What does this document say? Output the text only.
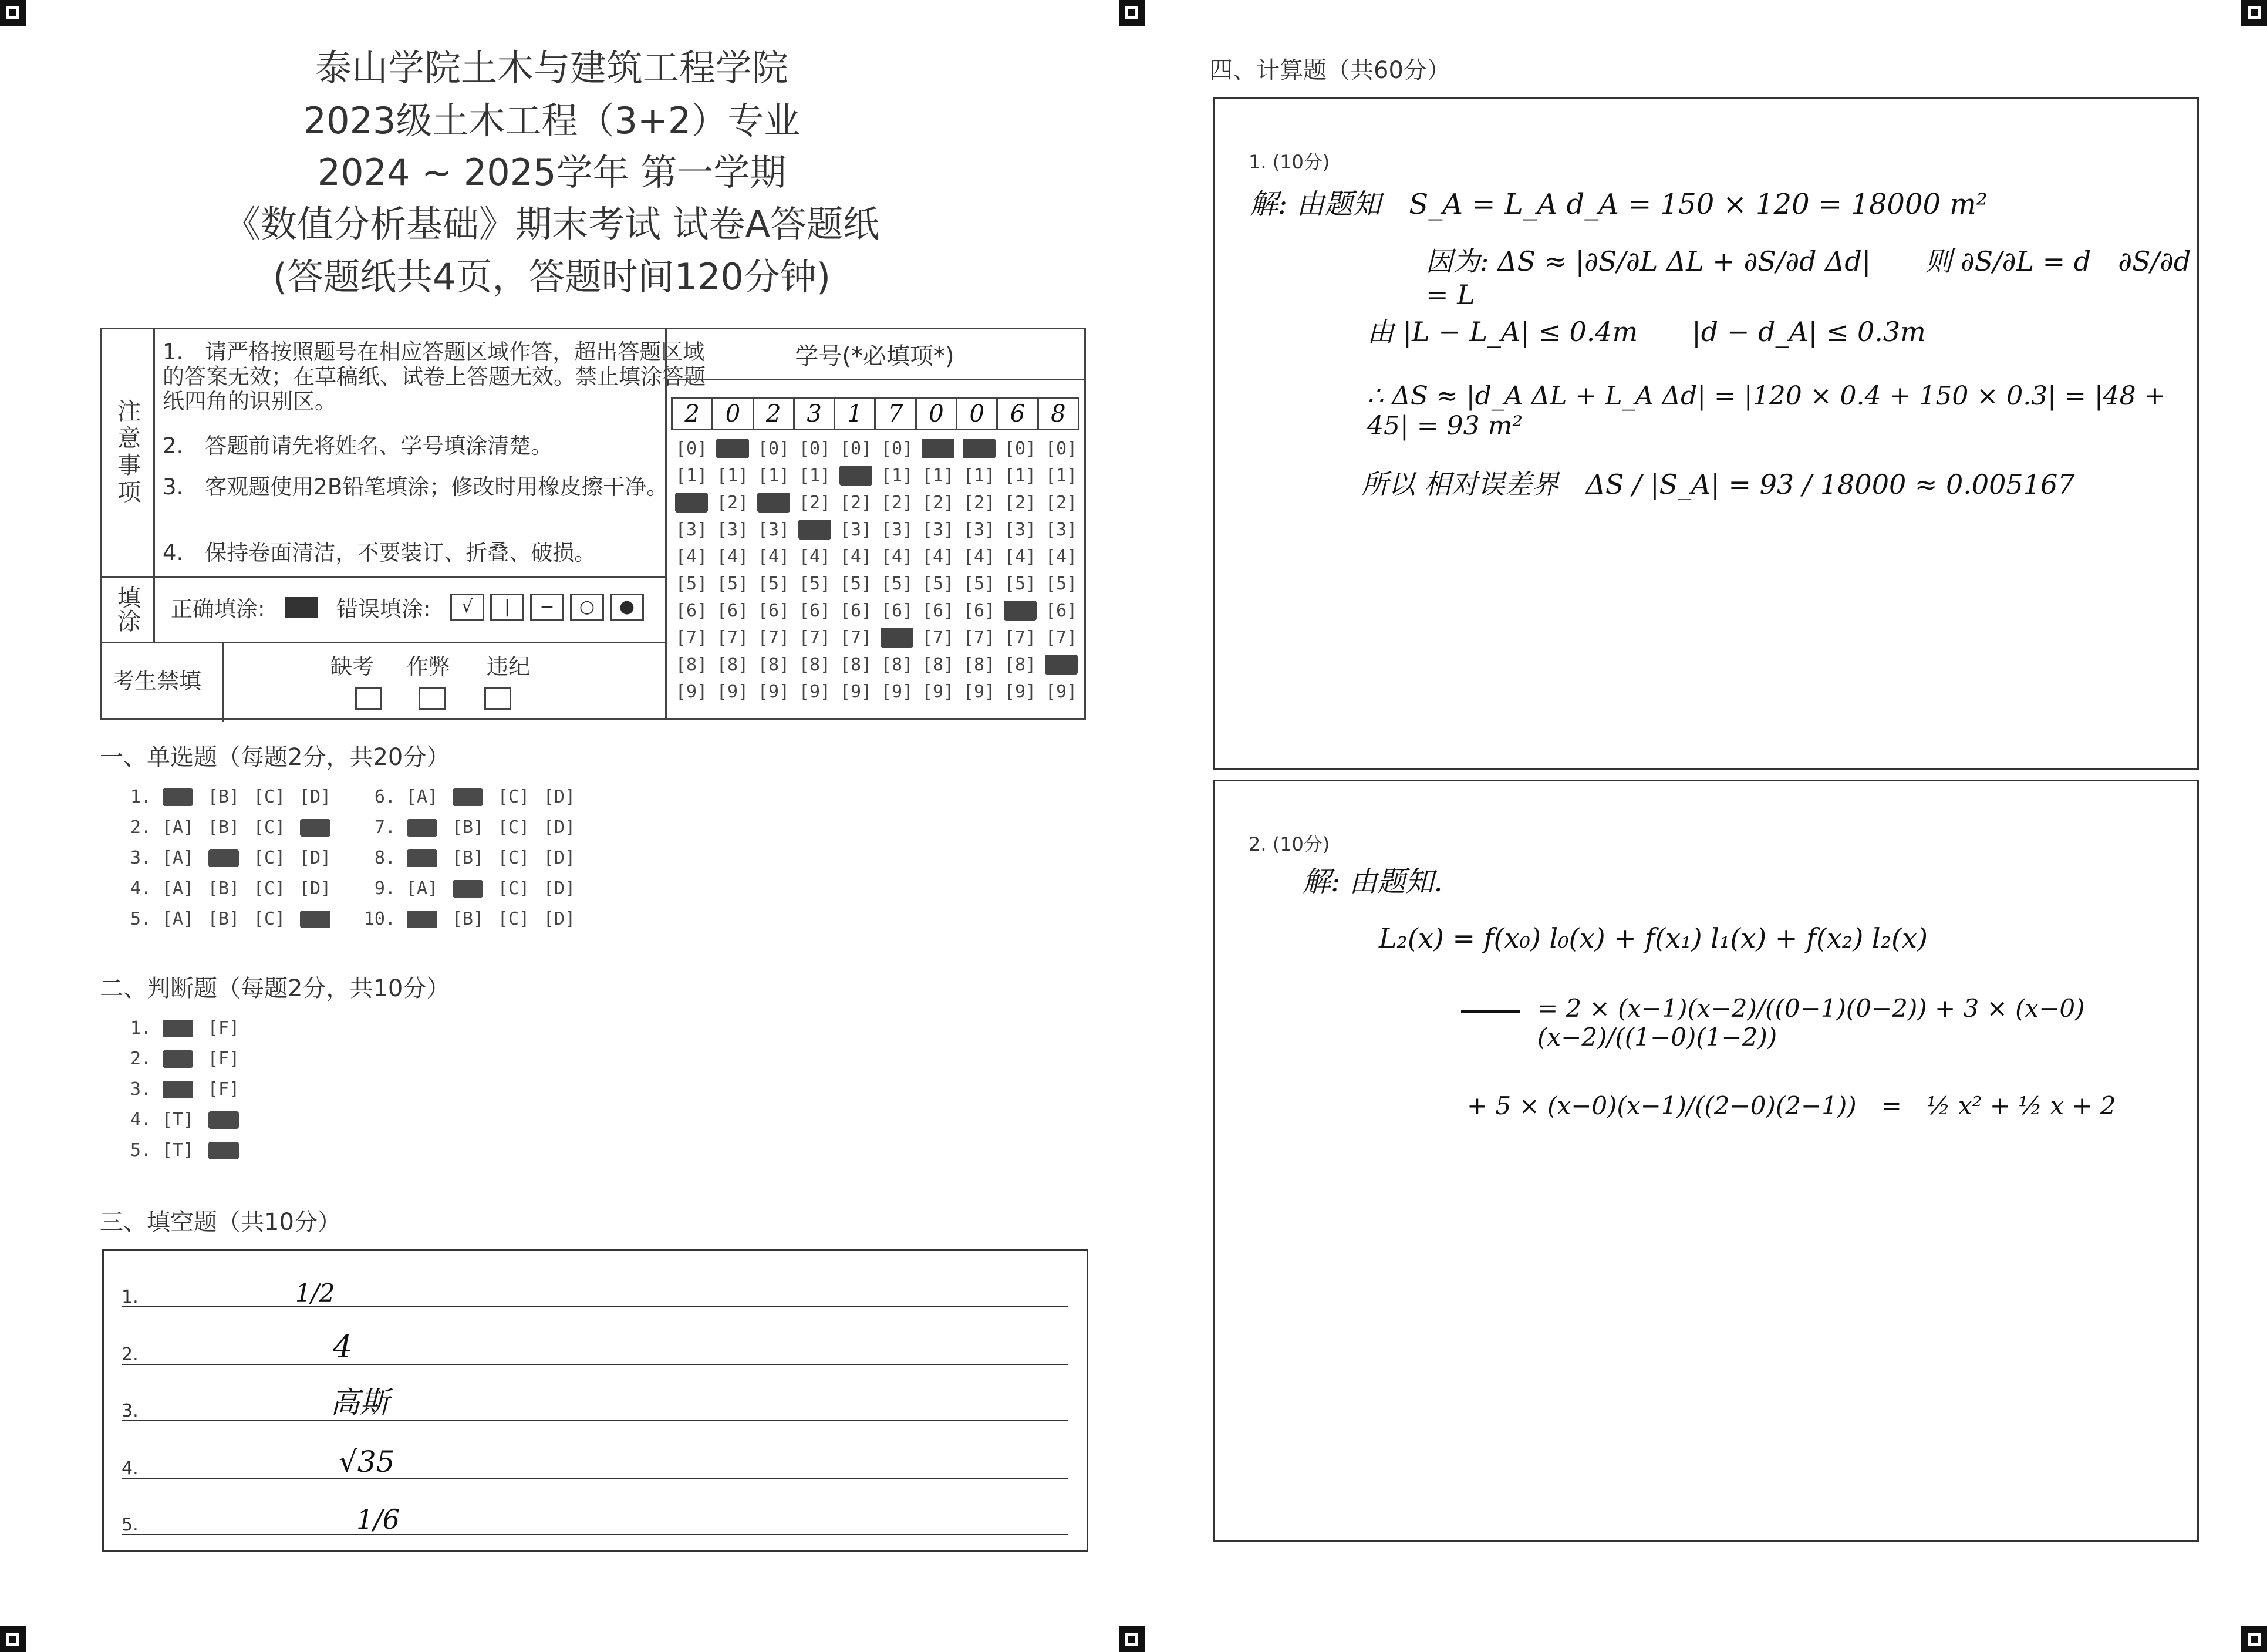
泰山学院土木与建筑工程学院
2023级土木工程（3+2）专业
2024 ~ 2025学年 第一学期
《数值分析基础》期末考试 试卷A答题纸
(答题纸共4页，答题时间120分钟)
注意事项
1.　请严格按照题号在相应答题区域作答，超出答题区域的答案无效；在草稿纸、试卷上答题无效。禁止填涂答题纸四角的识别区。
2.　答题前请先将姓名、学号填涂清楚。
3.　客观题使用2B铅笔填涂；修改时用橡皮擦干净。
4.　保持卷面清洁，不要装订、折叠、破损。
填涂 正确填涂:	错误填涂:	√	|	−	○	●
考生禁填
缺考 作弊 违纪
学号(*必填项*)
2	0	2	3	1	7	0	0	6	8
[0] [0] [0] [0] [0] [0] [0] [0] [0] [0]
[1] [1] [1] [1] [1] [1] [1] [1] [1] [1]
[2] [2] [2] [2] [2] [2] [2] [2] [2] [2]
[3] [3] [3] [3] [3] [3] [3] [3] [3] [3]
[4] [4] [4] [4] [4] [4] [4] [4] [4] [4]
[5] [5] [5] [5] [5] [5] [5] [5] [5] [5]
[6] [6] [6] [6] [6] [6] [6] [6] [6] [6]
[7] [7] [7] [7] [7] [7] [7] [7] [7] [7]
[8] [8] [8] [8] [8] [8] [8] [8] [8] [8]
[9] [9] [9] [9] [9] [9] [9] [9] [9] [9]
一、单选题（每题2分，共20分）
1. [A] [B] [C] [D]
2. [A] [B] [C] [D]
3. [A] [B] [C] [D]
4. [A] [B] [C] [D]
5. [A] [B] [C] [D]
6. [A] [B] [C] [D]
7. [A] [B] [C] [D]
8. [A] [B] [C] [D]
9. [A] [B] [C] [D]
10. [A] [B] [C] [D]
二、判断题（每题2分，共10分）
1. [T] [F]
2. [T] [F]
3. [T] [F]
4. [T] [F]
5. [T] [F]
三、填空题（共10分）
1.	1/2
2.	4
3.	高斯
4.	√35
5.	1/6
四、计算题（共60分）
1. (10分)
解: 由题知　S_A = L_A d_A = 150 × 120 = 18000 m²
因为: ΔS ≈ |∂S/∂L ΔL + ∂S/∂d Δd|　　则 ∂S/∂L = d　∂S/∂d = L
由 |L − L_A| ≤ 0.4m　　|d − d_A| ≤ 0.3m
∴ ΔS ≈ |d_A ΔL + L_A Δd| = |120 × 0.4 + 150 × 0.3| = |48 + 45| = 93 m²
所以 相对误差界　ΔS / |S_A| = 93 / 18000 ≈ 0.005167
2. (10分)
解: 由题知.
L₂(x) = f(x₀) l₀(x) + f(x₁) l₁(x) + f(x₂) l₂(x)
= 2 × (x−1)(x−2)/((0−1)(0−2)) + 3 × (x−0)(x−2)/((1−0)(1−2))
+ 5 × (x−0)(x−1)/((2−0)(2−1))　=　½ x² + ½ x + 2
